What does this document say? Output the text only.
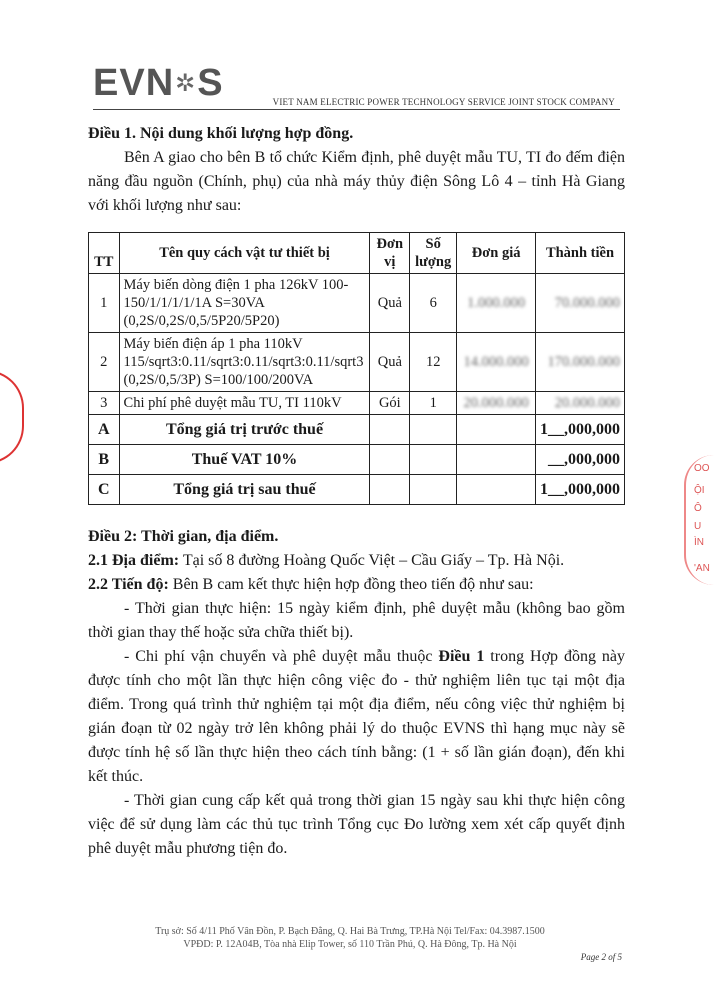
EVN ✲ S	VIET NAM ELECTRIC POWER TECHNOLOGY SERVICE JOINT STOCK COMPANY
OO
ỘI
Ô
U
ÌN
'AN

Điều 1. Nội dung khối lượng hợp đồng.

Bên A giao cho bên B tổ chức Kiểm định, phê duyệt mẫu TU, TI đo đếm điện năng đầu nguồn (Chính, phụ) của nhà máy thủy điện Sông Lô 4 – tỉnh Hà Giang với khối lượng như sau:

TT	Tên quy cách vật tư thiết bị	Đơn vị	Số lượng	Đơn giá	Thành tiền
1	Máy biến dòng điện 1 pha 126kV 100-150/1/1/1/1/1A S=30VA (0,2S/0,2S/0,5/5P20/5P20)	Quả	6	1.000.000	70.000.000
2	Máy biến điện áp 1 pha 110kV 115/sqrt3:0.11/sqrt3:0.11/sqrt3:0.11/sqrt3 (0,2S/0,5/3P) S=100/100/200VA	Quả	12	14.000.000	170.000.000
3	Chi phí phê duyệt mẫu TU, TI 110kV	Gói	1	20.000.000	20.000.000
A	Tổng giá trị trước thuế				1__,000,000
B	Thuế VAT 10%				__,000,000
C	Tổng giá trị sau thuế				1__,000,000

Điều 2: Thời gian, địa điểm.

2.1 Địa điểm: Tại số 8 đường Hoàng Quốc Việt – Cầu Giấy – Tp. Hà Nội.

2.2 Tiến độ: Bên B cam kết thực hiện hợp đồng theo tiến độ như sau:

- Thời gian thực hiện: 15 ngày kiểm định, phê duyệt mẫu (không bao gồm thời gian thay thế hoặc sửa chữa thiết bị).

- Chi phí vận chuyển và phê duyệt mẫu thuộc Điều 1 trong Hợp đồng này được tính cho một lần thực hiện công việc đo - thử nghiệm liên tục tại một địa điểm. Trong quá trình thử nghiệm tại một địa điểm, nếu công việc thử nghiệm bị gián đoạn từ 02 ngày trở lên không phải lý do thuộc EVNS thì hạng mục này sẽ được tính hệ số lần thực hiện theo cách tính bằng: (1 + số lần gián đoạn), đến khi kết thúc.

- Thời gian cung cấp kết quả trong thời gian 15 ngày sau khi thực hiện công việc để sử dụng làm các thủ tục trình Tổng cục Đo lường xem xét cấp quyết định phê duyệt mẫu phương tiện đo.

Trụ sở: Số 4/11 Phố Vân Đồn, P. Bạch Đằng, Q. Hai Bà Trưng, TP.Hà Nội Tel/Fax: 04.3987.1500
VPĐD: P. 12A04B, Tòa nhà Elip Tower, số 110 Trần Phú, Q. Hà Đông, Tp. Hà Nội
Page 2 of 5
